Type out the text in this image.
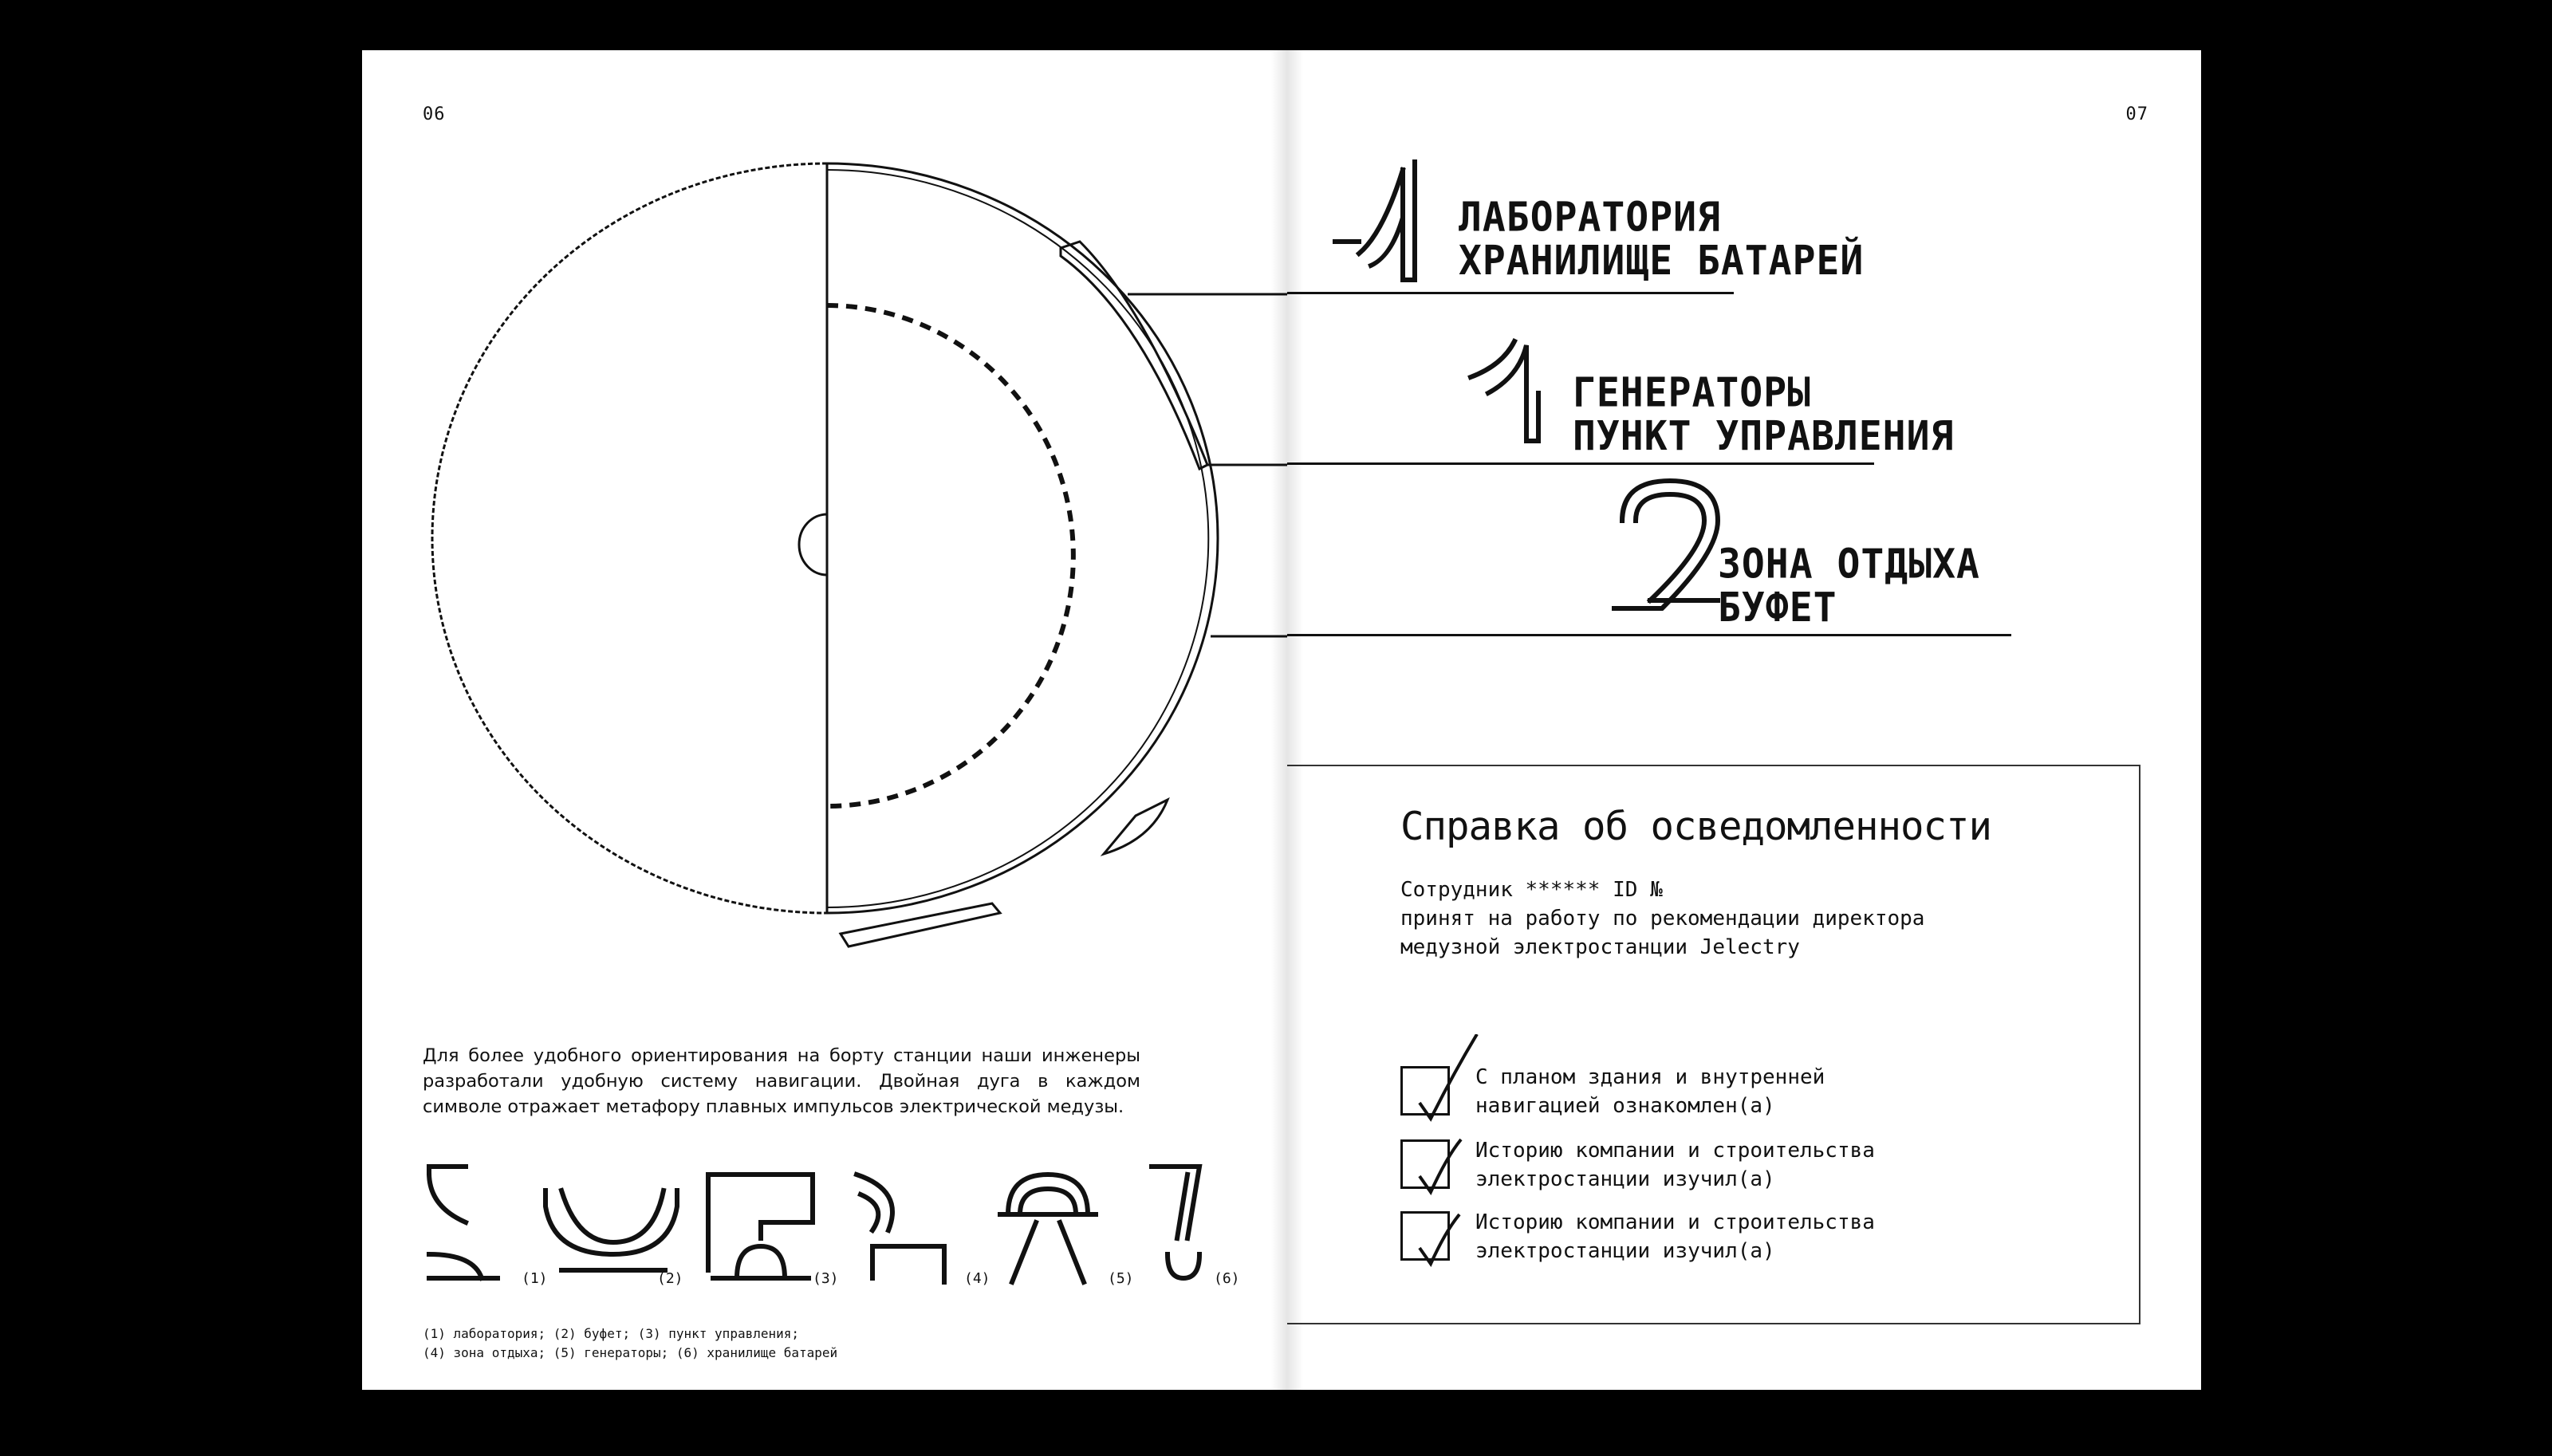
06

Для более удобного ориентирования на борту станции наши инженеры разработали удобную систему навигации. Двойная дуга в каждом символе отражает метафору плавных импульсов электрической медузы.

(1)	(2)	(3)	(4)	(5)	(6)
(1) лаборатория; (2) буфет; (3) пункт управления;
(4) зона отдыха; (5) генераторы; (6) хранилище батарей
07
ЛАБОРАТОРИЯ
ХРАНИЛИЩЕ БАТАРЕЙ
ГЕНЕРАТОРЫ
ПУНКТ УПРАВЛЕНИЯ
ЗОНА ОТДЫХА
БУФЕТ
Справка об осведомленности
Сотрудник ****** ID №
принят на работу по рекомендации директора
медузной электростанции Jelectry
С планом здания и внутренней
навигацией ознакомлен(а)
Историю компании и строительства
электростанции изучил(а)
Историю компании и строительства
электростанции изучил(а)
